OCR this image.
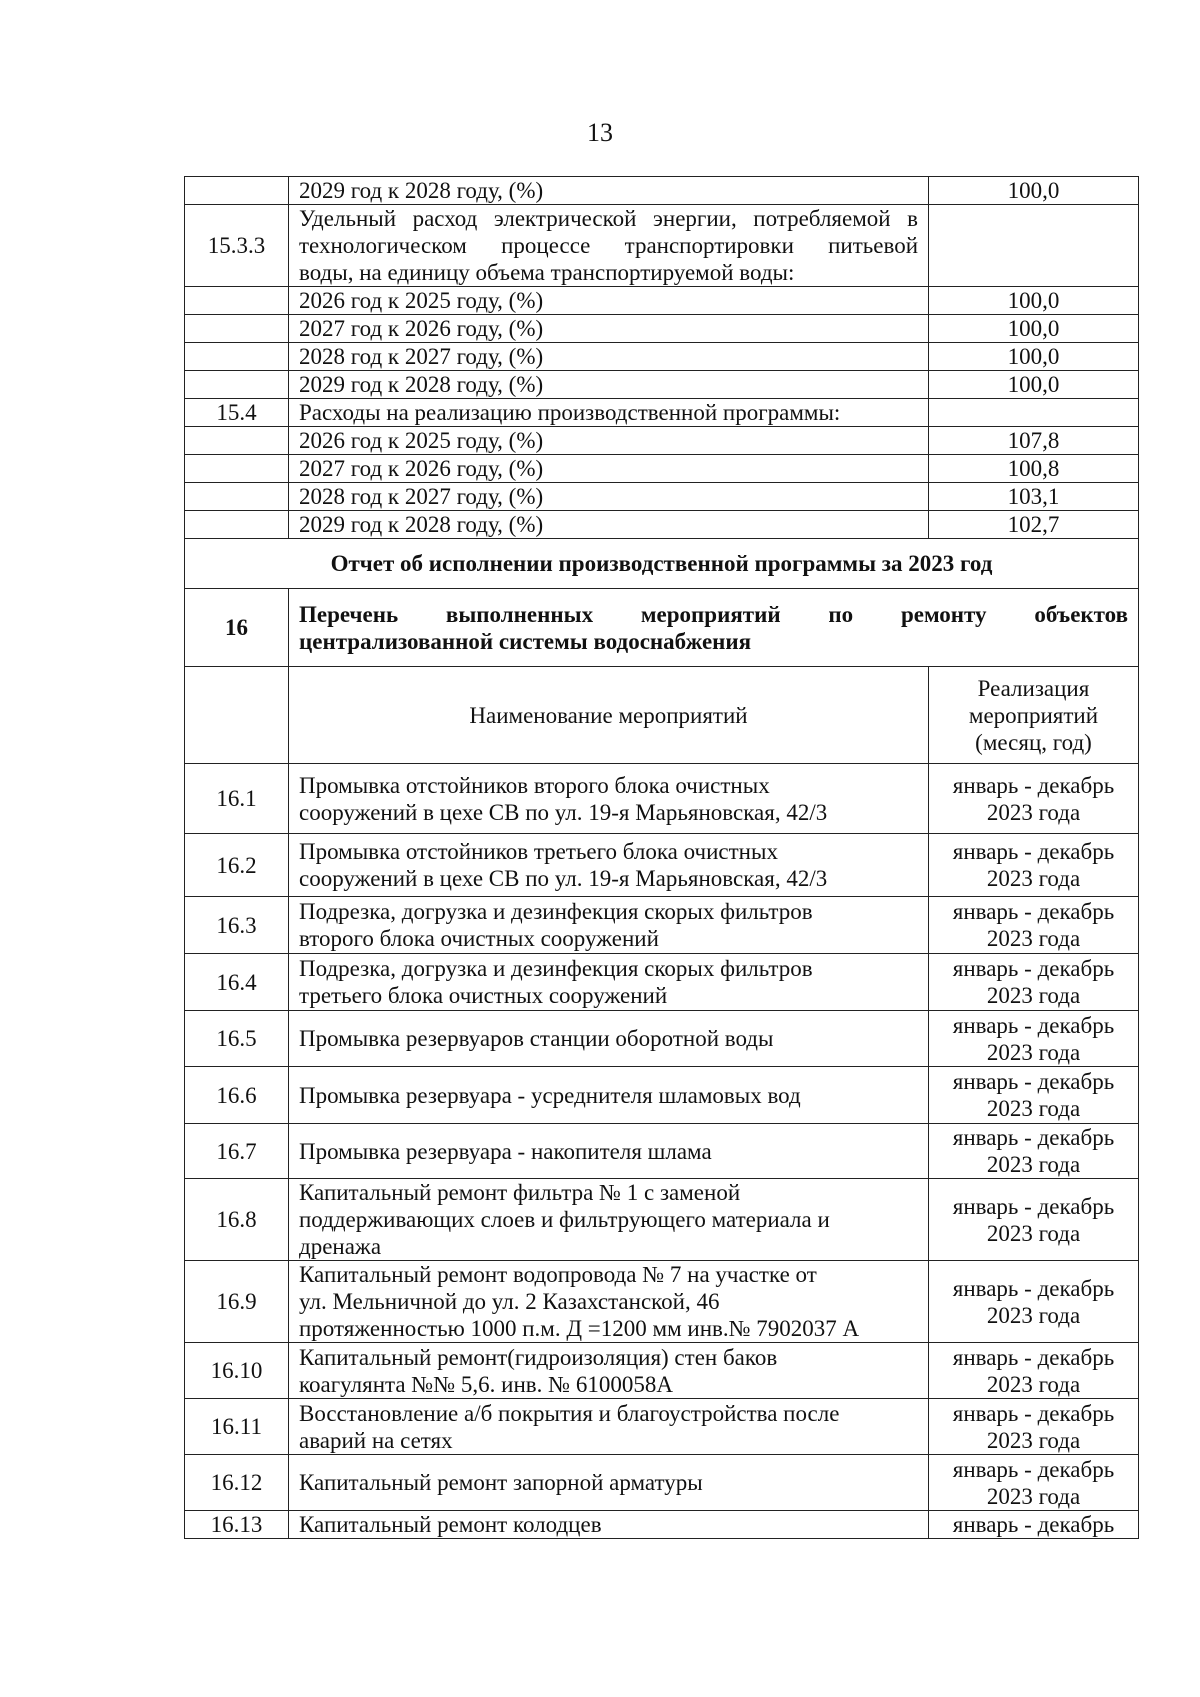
13
	2029 год к 2028 году, (%)	100,0
15.3.3	Удельный расход электрической энергии, потребляемой в
технологическом процессе транспортировки питьевой
воды, на единицу объема транспортируемой воды:	

	2026 год к 2025 году, (%)	100,0
	2027 год к 2026 году, (%)	100,0
	2028 год к 2027 году, (%)	100,0
	2029 год к 2028 году, (%)	100,0
15.4	Расходы на реализацию производственной программы:	
	2026 год к 2025 году, (%)	107,8
	2027 год к 2026 году, (%)	100,8
	2028 год к 2027 году, (%)	103,1
	2029 год к 2028 году, (%)	102,7
Отчет об исполнении производственной программы за 2023 год		
16	Перечень выполненных мероприятий по ремонту объектов
централизованной системы водоснабжения	

	Наименование мероприятий	Реализация
мероприятий
(месяц, год)

16.1	Промывка отстойников второго блока очистных
сооружений в цехе СВ по ул. 19-я Марьяновская, 42/3	январь - декабрь
2023 года

16.2	Промывка отстойников третьего блока очистных
сооружений в цехе СВ по ул. 19-я Марьяновская, 42/3	январь - декабрь
2023 года

16.3	Подрезка, догрузка и дезинфекция скорых фильтров
второго блока очистных сооружений	январь - декабрь
2023 года

16.4	Подрезка, догрузка и дезинфекция скорых фильтров
третьего блока очистных сооружений	январь - декабрь
2023 года

16.5	Промывка резервуаров станции оборотной воды	январь - декабрь
2023 года

16.6	Промывка резервуара - усреднителя шламовых вод	январь - декабрь
2023 года

16.7	Промывка резервуара - накопителя шлама	январь - декабрь
2023 года

16.8	Капитальный ремонт фильтра № 1 с заменой
поддерживающих слоев и фильтрующего материала и
дренажа	январь - декабрь
2023 года

16.9	Капитальный ремонт водопровода № 7 на участке от
ул. Мельничной до ул. 2 Казахстанской, 46
протяженностью 1000 п.м. Д =1200 мм инв.№ 7902037 А	январь - декабрь
2023 года

16.10	Капитальный ремонт(гидроизоляция) стен баков
коагулянта №№ 5,6. инв. № 6100058А	январь - декабрь
2023 года

16.11	Восстановление а/б покрытия и благоустройства после
аварий на сетях	январь - декабрь
2023 года

16.12	Капитальный ремонт запорной арматуры	январь - декабрь
2023 года

16.13	Капитальный ремонт колодцев	январь - декабрь
